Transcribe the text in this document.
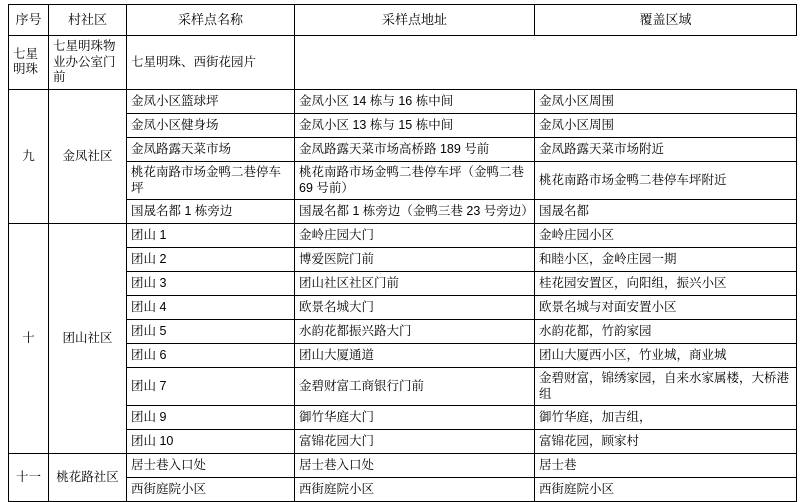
序号	村社区	采样点名称	采样点地址	覆盖区域
七星明珠	七星明珠物业办公室门前	七星明珠、西街花园片		
九	金凤社区	金凤小区篮球坪	金凤小区 14 栋与 16 栋中间	金凤小区周围
		金凤小区健身场	金凤小区 13 栋与 15 栋中间	金凤小区周围
		金凤路露天菜市场	金凤路露天菜市场高桥路 189 号前	金凤路露天菜市场附近
		桃花南路市场金鸭二巷停车坪	桃花南路市场金鸭二巷停车坪（金鸭二巷 69 号前）	桃花南路市场金鸭二巷停车坪附近
		国晟名都 1 栋旁边	国晟名都 1 栋旁边（金鸭三巷 23 号旁边）	国晟名都
十	团山社区	团山 1	金岭庄园大门	金岭庄园小区
		团山 2	博爱医院门前	和睦小区，金岭庄园一期
		团山 3	团山社区社区门前	桂花园安置区，向阳组，振兴小区
		团山 4	欧景名城大门	欧景名城与对面安置小区
		团山 5	水韵花都振兴路大门	水韵花都，竹韵家园
		团山 6	团山大厦通道	团山大厦西小区，竹业城，商业城
		团山 7	金碧财富工商银行门前	金碧财富，锦绣家园，自来水家属楼，大桥港组
		团山 9	御竹华庭大门	御竹华庭，加吉组，
		团山 10	富锦花园大门	富锦花园，顾家村
十一	桃花路社区	居士巷入口处	居士巷入口处	居士巷
		西街庭院小区	西街庭院小区	西街庭院小区
